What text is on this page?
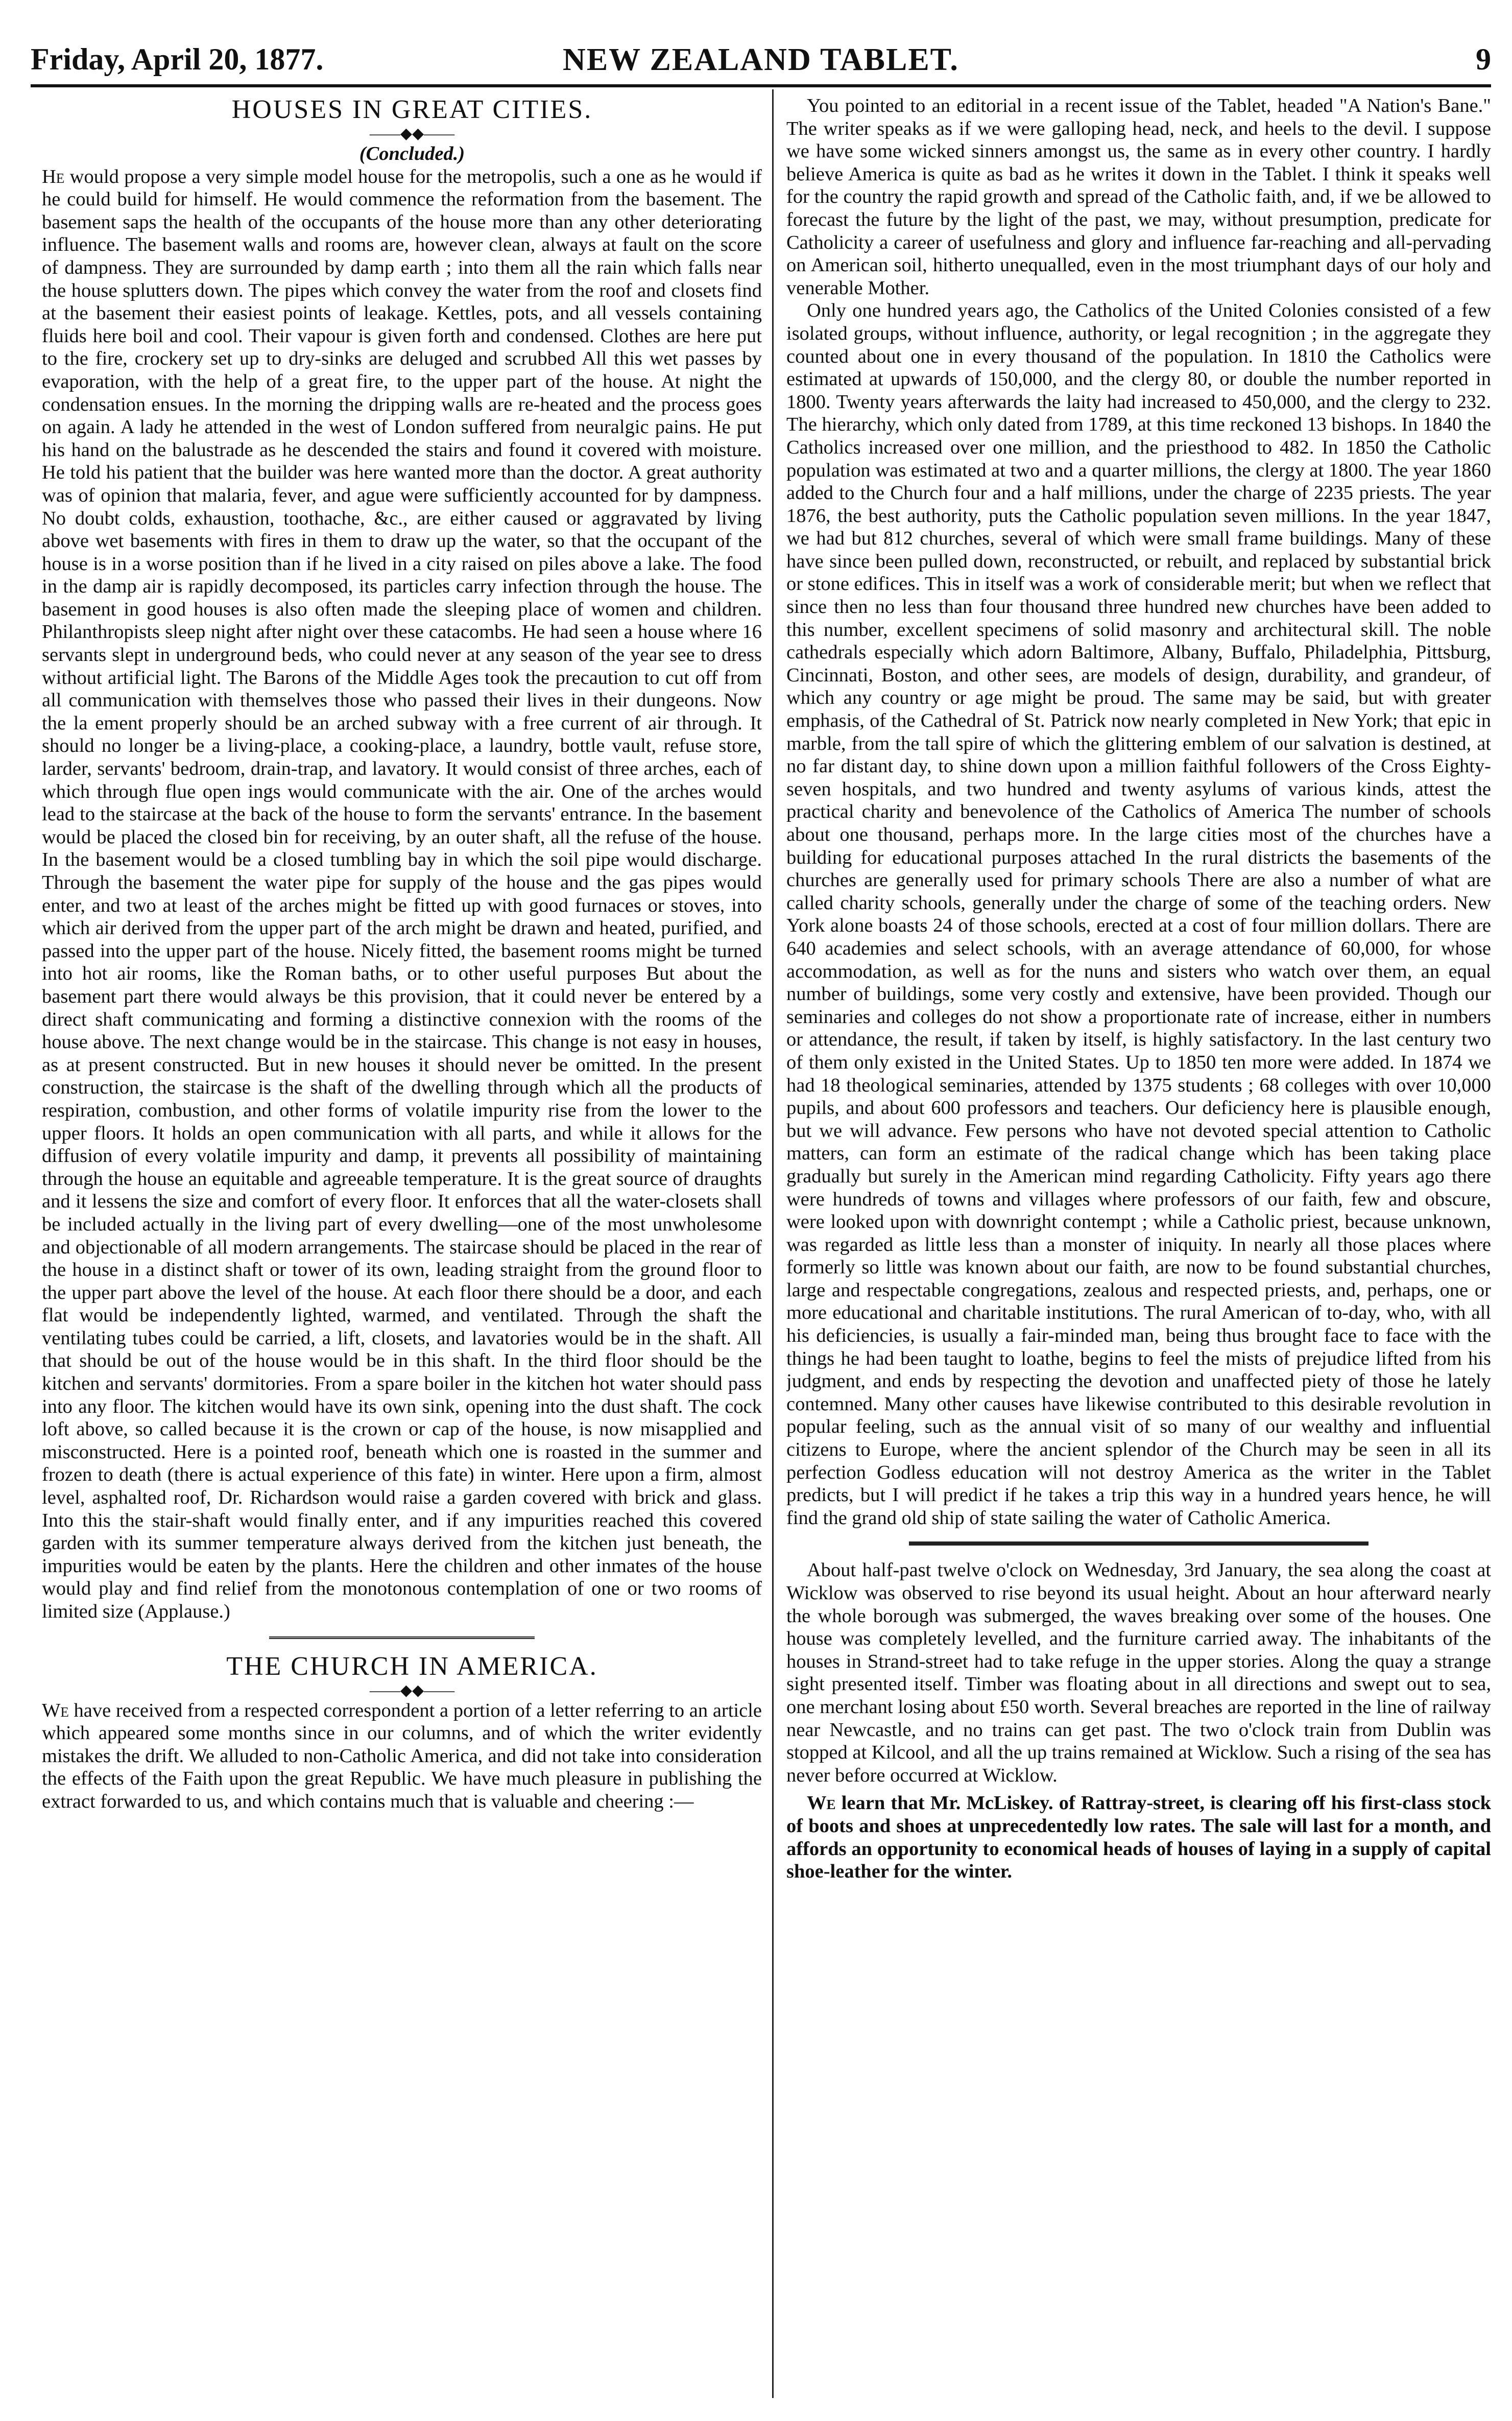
Friday, April 20, 1877.	NEW ZEALAND TABLET.	9

HOUSES IN GREAT CITIES.

——◆◆——

(Concluded.)

He would propose a very simple model house for the metropolis, such a one as he would if he could build for himself. He would commence the reformation from the basement. The basement saps the health of the occupants of the house more than any other deteriorating influence. The basement walls and rooms are, however clean, always at fault on the score of dampness. They are surrounded by damp earth ; into them all the rain which falls near the house splutters down. The pipes which convey the water from the roof and closets find at the basement their easiest points of leakage. Kettles, pots, and all vessels containing fluids here boil and cool. Their vapour is given forth and condensed. Clothes are here put to the fire, crockery set up to dry-sinks are deluged and scrubbed All this wet passes by evaporation, with the help of a great fire, to the upper part of the house. At night the condensation ensues. In the morning the dripping walls are re-heated and the process goes on again. A lady he attended in the west of London suffered from neuralgic pains. He put his hand on the balustrade as he descended the stairs and found it covered with moisture. He told his patient that the builder was here wanted more than the doctor. A great authority was of opinion that malaria, fever, and ague were sufficiently accounted for by dampness. No doubt colds, exhaustion, toothache, &c., are either caused or aggravated by living above wet basements with fires in them to draw up the water, so that the occupant of the house is in a worse position than if he lived in a city raised on piles above a lake. The food in the damp air is rapidly decomposed, its particles carry infection through the house. The basement in good houses is also often made the sleeping place of women and children. Philanthropists sleep night after night over these catacombs. He had seen a house where 16 servants slept in underground beds, who could never at any season of the year see to dress without artificial light. The Barons of the Middle Ages took the precaution to cut off from all communication with themselves those who passed their lives in their dungeons. Now the la ement properly should be an arched subway with a free current of air through. It should no longer be a living-place, a cooking-place, a laundry, bottle vault, refuse store, larder, servants' bedroom, drain-trap, and lavatory. It would consist of three arches, each of which through flue open ings would communicate with the air. One of the arches would lead to the staircase at the back of the house to form the servants' entrance. In the basement would be placed the closed bin for receiving, by an outer shaft, all the refuse of the house. In the basement would be a closed tumbling bay in which the soil pipe would discharge. Through the basement the water pipe for supply of the house and the gas pipes would enter, and two at least of the arches might be fitted up with good furnaces or stoves, into which air derived from the upper part of the arch might be drawn and heated, purified, and passed into the upper part of the house. Nicely fitted, the basement rooms might be turned into hot air rooms, like the Roman baths, or to other useful purposes But about the basement part there would always be this provision, that it could never be entered by a direct shaft communicating and forming a distinctive connexion with the rooms of the house above. The next change would be in the staircase. This change is not easy in houses, as at present constructed. But in new houses it should never be omitted. In the present construction, the staircase is the shaft of the dwelling through which all the products of respiration, combustion, and other forms of volatile impurity rise from the lower to the upper floors. It holds an open communication with all parts, and while it allows for the diffusion of every volatile impurity and damp, it prevents all possibility of maintaining through the house an equitable and agreeable temperature. It is the great source of draughts and it lessens the size and comfort of every floor. It enforces that all the water-closets shall be included actually in the living part of every dwelling—one of the most unwholesome and objectionable of all modern arrangements. The staircase should be placed in the rear of the house in a distinct shaft or tower of its own, leading straight from the ground floor to the upper part above the level of the house. At each floor there should be a door, and each flat would be independently lighted, warmed, and ventilated. Through the shaft the ventilating tubes could be carried, a lift, closets, and lavatories would be in the shaft. All that should be out of the house would be in this shaft. In the third floor should be the kitchen and servants' dormitories. From a spare boiler in the kitchen hot water should pass into any floor. The kitchen would have its own sink, opening into the dust shaft. The cock loft above, so called because it is the crown or cap of the house, is now misapplied and misconstructed. Here is a pointed roof, beneath which one is roasted in the summer and frozen to death (there is actual experience of this fate) in winter. Here upon a firm, almost level, asphalted roof, Dr. Richardson would raise a garden covered with brick and glass. Into this the stair-shaft would finally enter, and if any impurities reached this covered garden with its summer temperature always derived from the kitchen just beneath, the impurities would be eaten by the plants. Here the children and other inmates of the house would play and find relief from the monotonous contemplation of one or two rooms of limited size (Applause.)

THE CHURCH IN AMERICA.

——◆◆——

We have received from a respected correspondent a portion of a letter referring to an article which appeared some months since in our columns, and of which the writer evidently mistakes the drift. We alluded to non-Catholic America, and did not take into consideration the effects of the Faith upon the great Republic. We have much pleasure in publishing the extract forwarded to us, and which contains much that is valuable and cheering :—

You pointed to an editorial in a recent issue of the Tablet, headed "A Nation's Bane." The writer speaks as if we were galloping head, neck, and heels to the devil. I suppose we have some wicked sinners amongst us, the same as in every other country. I hardly believe America is quite as bad as he writes it down in the Tablet. I think it speaks well for the country the rapid growth and spread of the Catholic faith, and, if we be allowed to forecast the future by the light of the past, we may, without presumption, predicate for Catholicity a career of usefulness and glory and influence far-reaching and all-pervading on American soil, hitherto unequalled, even in the most triumphant days of our holy and venerable Mother.

Only one hundred years ago, the Catholics of the United Colonies consisted of a few isolated groups, without influence, authority, or legal recognition ; in the aggregate they counted about one in every thousand of the population. In 1810 the Catholics were estimated at upwards of 150,000, and the clergy 80, or double the number reported in 1800. Twenty years afterwards the laity had increased to 450,000, and the clergy to 232. The hierarchy, which only dated from 1789, at this time reckoned 13 bishops. In 1840 the Catholics increased over one million, and the priesthood to 482. In 1850 the Catholic population was estimated at two and a quarter millions, the clergy at 1800. The year 1860 added to the Church four and a half millions, under the charge of 2235 priests. The year 1876, the best authority, puts the Catholic population seven millions. In the year 1847, we had but 812 churches, several of which were small frame buildings. Many of these have since been pulled down, reconstructed, or rebuilt, and replaced by substantial brick or stone edifices. This in itself was a work of considerable merit; but when we reflect that since then no less than four thousand three hundred new churches have been added to this number, excellent specimens of solid masonry and architectural skill. The noble cathedrals especially which adorn Baltimore, Albany, Buffalo, Philadelphia, Pittsburg, Cincinnati, Boston, and other sees, are models of design, durability, and grandeur, of which any country or age might be proud. The same may be said, but with greater emphasis, of the Cathedral of St. Patrick now nearly completed in New York; that epic in marble, from the tall spire of which the glittering emblem of our salvation is destined, at no far distant day, to shine down upon a million faithful followers of the Cross Eighty-seven hospitals, and two hundred and twenty asylums of various kinds, attest the practical charity and benevolence of the Catholics of America The number of schools about one thousand, perhaps more. In the large cities most of the churches have a building for educational purposes attached In the rural districts the basements of the churches are generally used for primary schools There are also a number of what are called charity schools, generally under the charge of some of the teaching orders. New York alone boasts 24 of those schools, erected at a cost of four million dollars. There are 640 academies and select schools, with an average attendance of 60,000, for whose accommodation, as well as for the nuns and sisters who watch over them, an equal number of buildings, some very costly and extensive, have been provided. Though our seminaries and colleges do not show a proportionate rate of increase, either in numbers or attendance, the result, if taken by itself, is highly satisfactory. In the last century two of them only existed in the United States. Up to 1850 ten more were added. In 1874 we had 18 theological seminaries, attended by 1375 students ; 68 colleges with over 10,000 pupils, and about 600 professors and teachers. Our deficiency here is plausible enough, but we will advance. Few persons who have not devoted special attention to Catholic matters, can form an estimate of the radical change which has been taking place gradually but surely in the American mind regarding Catholicity. Fifty years ago there were hundreds of towns and villages where professors of our faith, few and obscure, were looked upon with downright contempt ; while a Catholic priest, because unknown, was regarded as little less than a monster of iniquity. In nearly all those places where formerly so little was known about our faith, are now to be found substantial churches, large and respectable congregations, zealous and respected priests, and, perhaps, one or more educational and charitable institutions. The rural American of to-day, who, with all his deficiencies, is usually a fair-minded man, being thus brought face to face with the things he had been taught to loathe, begins to feel the mists of prejudice lifted from his judgment, and ends by respecting the devotion and unaffected piety of those he lately contemned. Many other causes have likewise contributed to this desirable revolution in popular feeling, such as the annual visit of so many of our wealthy and influential citizens to Europe, where the ancient splendor of the Church may be seen in all its perfection Godless education will not destroy America as the writer in the Tablet predicts, but I will predict if he takes a trip this way in a hundred years hence, he will find the grand old ship of state sailing the water of Catholic America.

About half-past twelve o'clock on Wednesday, 3rd January, the sea along the coast at Wicklow was observed to rise beyond its usual height. About an hour afterward nearly the whole borough was submerged, the waves breaking over some of the houses. One house was completely levelled, and the furniture carried away. The inhabitants of the houses in Strand-street had to take refuge in the upper stories. Along the quay a strange sight presented itself. Timber was floating about in all directions and swept out to sea, one merchant losing about £50 worth. Several breaches are reported in the line of railway near Newcastle, and no trains can get past. The two o'clock train from Dublin was stopped at Kilcool, and all the up trains remained at Wicklow. Such a rising of the sea has never before occurred at Wicklow.

We learn that Mr. McLiskey. of Rattray-street, is clearing off his first-class stock of boots and shoes at unprecedentedly low rates. The sale will last for a month, and affords an opportunity to economical heads of houses of laying in a supply of capital shoe-leather for the winter.
